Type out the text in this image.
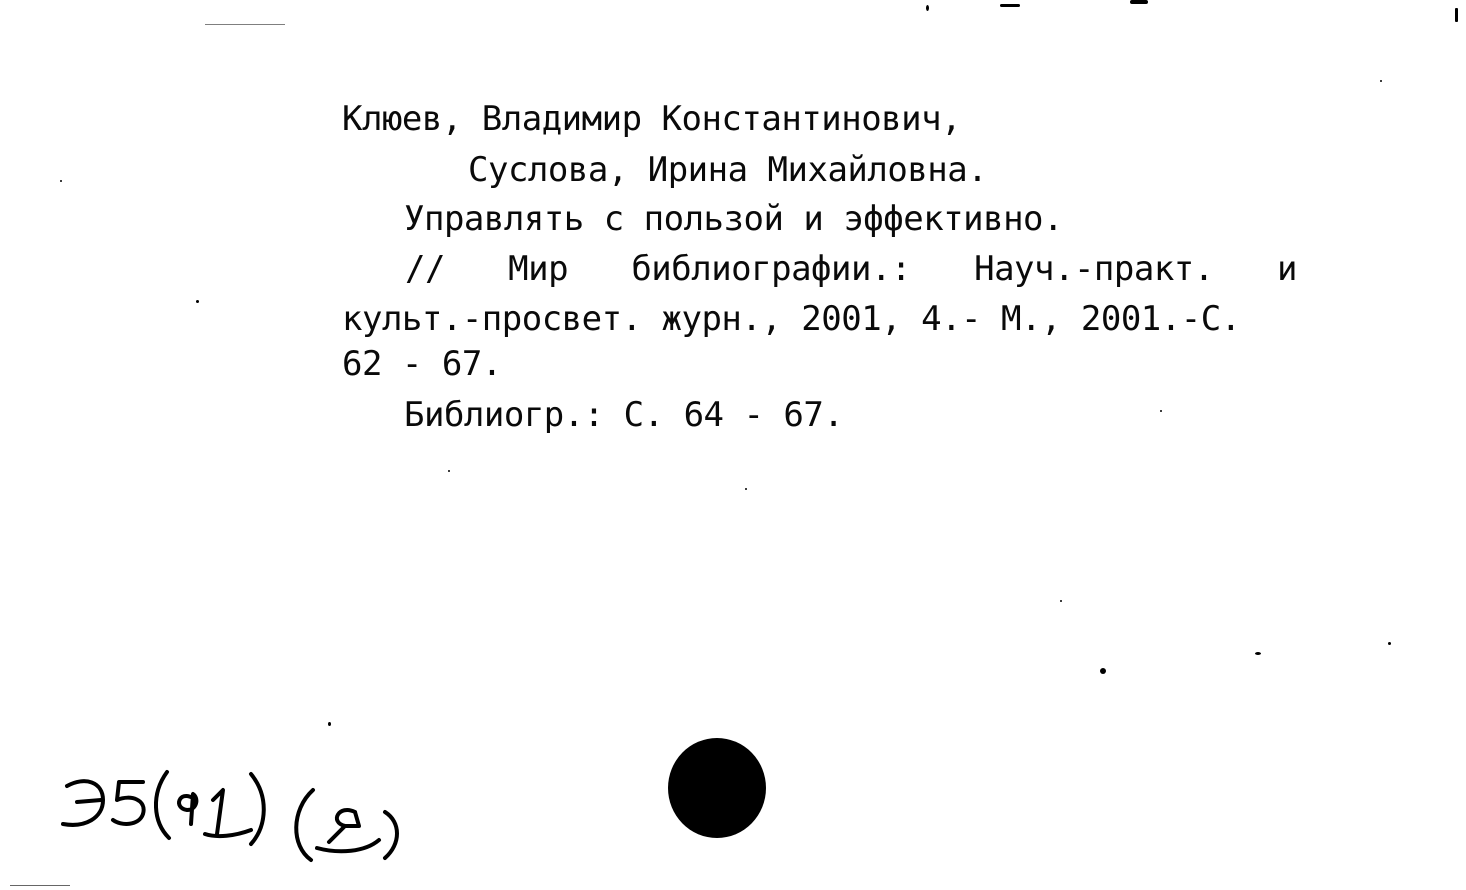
Клюев, Владимир Константинович,
Суслова, Ирина Михайловна.
Управлять с пользой и эффективно.
// Мир библиографии.: Науч.-практ. и
культ.-просвет. журн., 2001, 4.- М., 2001.-С.
62 - 67.
Библиогр.: С. 64 - 67.
